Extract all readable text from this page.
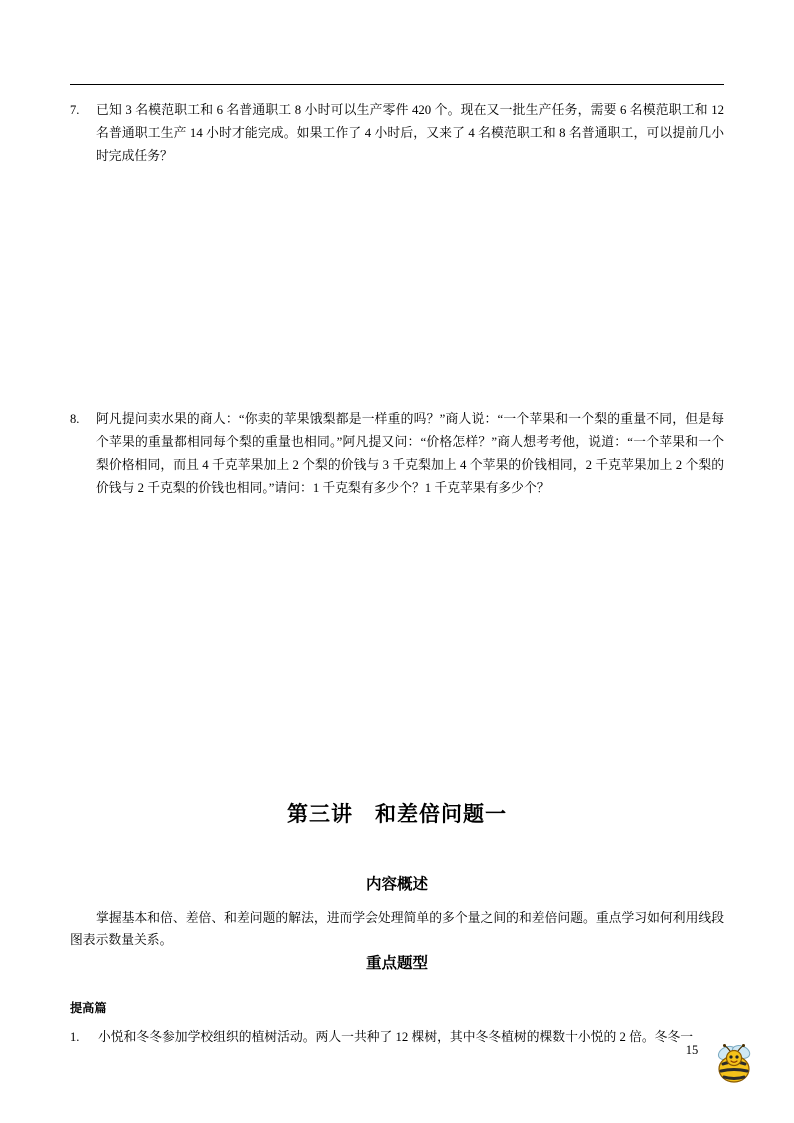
7.	已知 3 名模范职工和 6 名普通职工 8 小时可以生产零件 420 个。现在又一批生产任务，需要 6 名模范职工和 12 名普通职工生产 14 小时才能完成。如果工作了 4 小时后，又来了 4 名模范职工和 8 名普通职工，可以提前几小时完成任务？
8.	阿凡提问卖水果的商人：“你卖的苹果饿梨都是一样重的吗？”商人说：“一个苹果和一个梨的重量不同，但是每个苹果的重量都相同每个梨的重量也相同。”阿凡提又问：“价格怎样？”商人想考考他，说道：“一个苹果和一个梨价格相同，而且 4 千克苹果加上 2 个梨的价钱与 3 千克梨加上 4 个苹果的价钱相同，2 千克苹果加上 2 个梨的价钱与 2 千克梨的价钱也相同。”请问：1 千克梨有多少个？1 千克苹果有多少个？
第三讲　和差倍问题一
内容概述
掌握基本和倍、差倍、和差问题的解法，进而学会处理简单的多个量之间的和差倍问题。重点学习如何利用线段图表示数量关系。
重点题型
提高篇
1.	小悦和冬冬参加学校组织的植树活动。两人一共种了 12 棵树，其中冬冬植树的棵数十小悦的 2 倍。冬冬一
15
